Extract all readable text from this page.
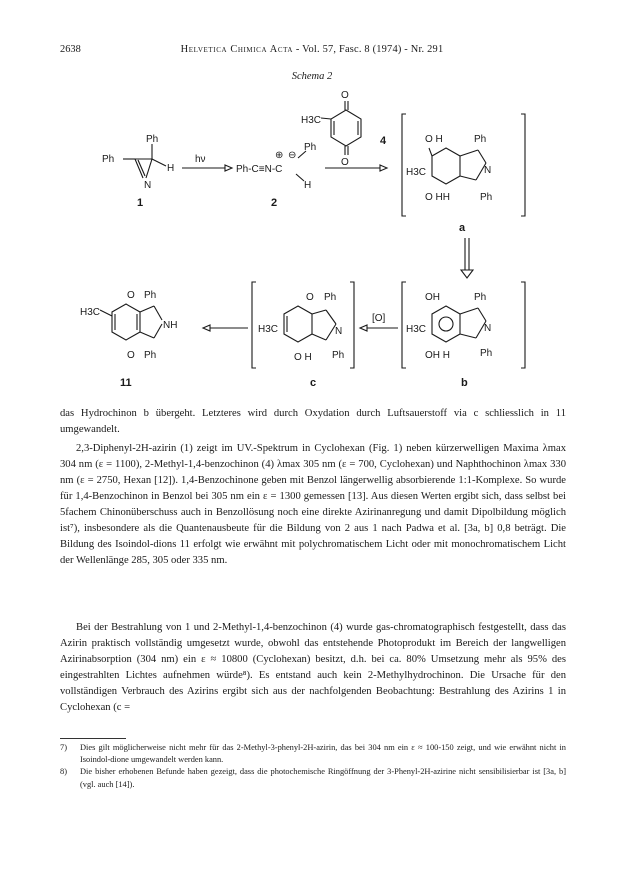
2638	Helvetica Chimica Acta - Vol. 57, Fasc. 8 (1974) - Nr. 291
Schema 2
Ph
N
Ph
H
1
hν
Ph-C≡N-C
⊕ ⊖
Ph
H
2
O
O
H3C
4	O H	Ph
H3C	N
O HH	Ph
a
OH	Ph
H3C	N
OH H	Ph
b
[O]
O Ph
H3C	N
O H Ph
c
O Ph
H3C
NH
O Ph
11

das Hydrochinon b übergeht. Letzteres wird durch Oxydation durch Luftsauerstoff via c schliesslich in 11 umgewandelt.

2,3-Diphenyl-2H-azirin (1) zeigt im UV.-Spektrum in Cyclohexan (Fig. 1) neben kürzerwelligen Maxima λmax 304 nm (ε = 1100), 2-Methyl-1,4-benzochinon (4) λmax 305 nm (ε = 700, Cyclohexan) und Naphthochinon λmax 330 nm (ε = 2750, Hexan [12]). 1,4-Benzochinone geben mit Benzol längerwellig absorbierende 1:1-Komplexe. So wurde für 1,4-Benzochinon in Benzol bei 305 nm ein ε = 1300 gemessen [13]. Aus diesen Werten ergibt sich, dass selbst bei 5fachem Chinonüberschuss auch in Benzollösung noch eine direkte Azirinanregung und damit Dipolbildung möglich ist⁷), insbesondere als die Quantenausbeute für die Bildung von 2 aus 1 nach Padwa et al. [3a, b] 0,8 beträgt. Die Bildung des Isoindol-dions 11 erfolgt wie erwähnt mit polychromatischem Licht oder mit monochromatischem Licht der Wellenlänge 285, 305 oder 335 nm.

Bei der Bestrahlung von 1 und 2-Methyl-1,4-benzochinon (4) wurde gas-chromatographisch festgestellt, dass das Azirin praktisch vollständig umgesetzt wurde, obwohl das entstehende Photoprodukt im Bereich der langwelligen Azirinabsorption (304 nm) ein ε ≈ 10800 (Cyclohexan) besitzt, d.h. bei ca. 80% Umsetzung mehr als 95% des eingestrahlten Lichtes aufnehmen würde⁸). Es entstand auch kein 2-Methylhydrochinon. Die Ursache für den vollständigen Verbrauch des Azirins ergibt sich aus der nachfolgenden Beobachtung: Bestrahlung des Azirins 1 in Cyclohexan (c =

7) Dies gilt möglicherweise nicht mehr für das 2-Methyl-3-phenyl-2H-azirin, das bei 304 nm ein ε ≈ 100-150 zeigt, und wie erwähnt nicht in Isoindol-dione umgewandelt werden kann.
8) Die bisher erhobenen Befunde haben gezeigt, dass die photochemische Ringöffnung der 3-Phenyl-2H-azirine nicht sensibilisierbar ist [3a, b] (vgl. auch [14]).
